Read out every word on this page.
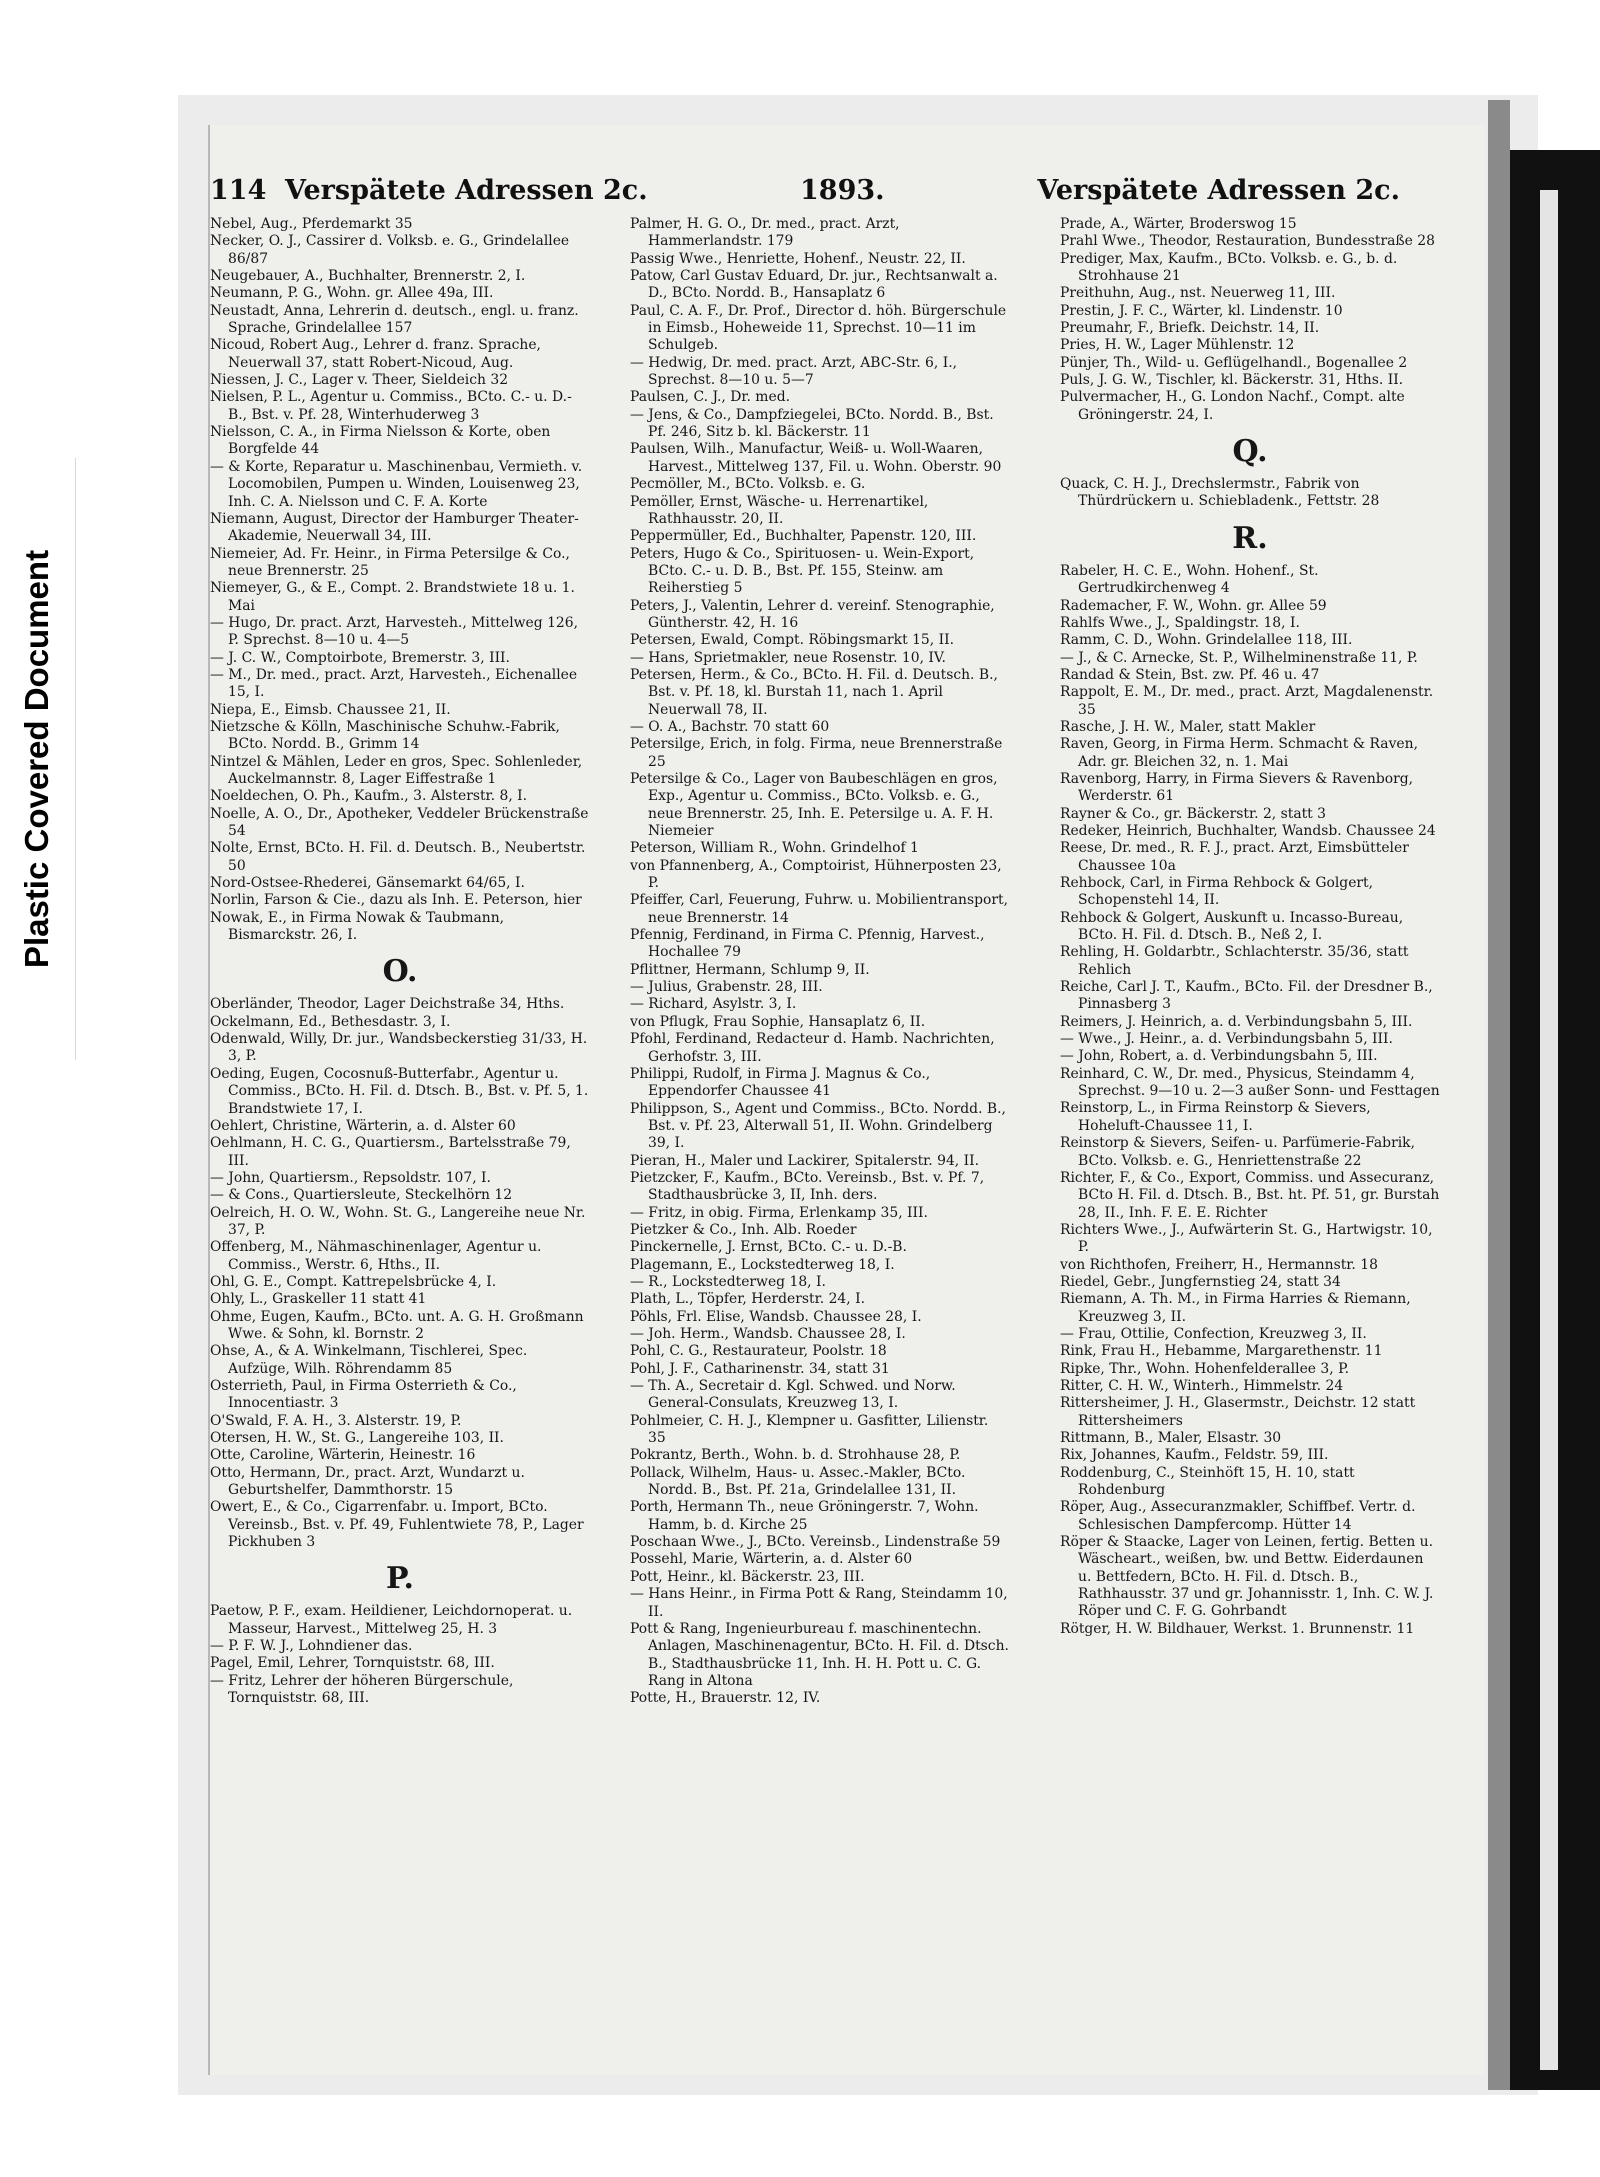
Plastic Covered Document
114 Verspätete Adressen 2c.	1893.	Verspätete Adressen 2c.

Nebel, Aug., Pferdemarkt 35

Necker, O. J., Cassirer d. Volksb. e. G., Grindelallee 86/87

Neugebauer, A., Buchhalter, Brennerstr. 2, I.

Neumann, P. G., Wohn. gr. Allee 49a, III.

Neustadt, Anna, Lehrerin d. deutsch., engl. u. franz. Sprache, Grindelallee 157

Nicoud, Robert Aug., Lehrer d. franz. Sprache, Neuerwall 37, statt Robert-Nicoud, Aug.

Niessen, J. C., Lager v. Theer, Sieldeich 32

Nielsen, P. L., Agentur u. Commiss., BCto. C.- u. D.-B., Bst. v. Pf. 28, Winterhuderweg 3

Nielsson, C. A., in Firma Nielsson & Korte, oben Borgfelde 44

— & Korte, Reparatur u. Maschinenbau, Vermieth. v. Locomobilen, Pumpen u. Winden, Louisenweg 23, Inh. C. A. Nielsson und C. F. A. Korte

Niemann, August, Director der Hamburger Theater-Akademie, Neuerwall 34, III.

Niemeier, Ad. Fr. Heinr., in Firma Petersilge & Co., neue Brennerstr. 25

Niemeyer, G., & E., Compt. 2. Brandstwiete 18 u. 1. Mai

— Hugo, Dr. pract. Arzt, Harvesteh., Mittelweg 126, P. Sprechst. 8—10 u. 4—5

— J. C. W., Comptoirbote, Bremerstr. 3, III.

— M., Dr. med., pract. Arzt, Harvesteh., Eichenallee 15, I.

Niepa, E., Eimsb. Chaussee 21, II.

Nietzsche & Kölln, Maschinische Schuhw.-Fabrik, BCto. Nordd. B., Grimm 14

Nintzel & Mählen, Leder en gros, Spec. Sohlenleder, Auckelmannstr. 8, Lager Eiffestraße 1

Noeldechen, O. Ph., Kaufm., 3. Alsterstr. 8, I.

Noelle, A. O., Dr., Apotheker, Veddeler Brückenstraße 54

Nolte, Ernst, BCto. H. Fil. d. Deutsch. B., Neubertstr. 50

Nord-Ostsee-Rhederei, Gänsemarkt 64/65, I.

Norlin, Farson & Cie., dazu als Inh. E. Peterson, hier

Nowak, E., in Firma Nowak & Taubmann, Bismarckstr. 26, I.

O.

Oberländer, Theodor, Lager Deichstraße 34, Hths.

Ockelmann, Ed., Bethesdastr. 3, I.

Odenwald, Willy, Dr. jur., Wandsbeckerstieg 31/33, H. 3, P.

Oeding, Eugen, Cocosnuß-Butterfabr., Agentur u. Commiss., BCto. H. Fil. d. Dtsch. B., Bst. v. Pf. 5, 1. Brandstwiete 17, I.

Oehlert, Christine, Wärterin, a. d. Alster 60

Oehlmann, H. C. G., Quartiersm., Bartelsstraße 79, III.

— John, Quartiersm., Repsoldstr. 107, I.

— & Cons., Quartiersleute, Steckelhörn 12

Oelreich, H. O. W., Wohn. St. G., Langereihe neue Nr. 37, P.

Offenberg, M., Nähmaschinenlager, Agentur u. Commiss., Werstr. 6, Hths., II.

Ohl, G. E., Compt. Kattrepelsbrücke 4, I.

Ohly, L., Graskeller 11 statt 41

Ohme, Eugen, Kaufm., BCto. unt. A. G. H. Großmann Wwe. & Sohn, kl. Bornstr. 2

Ohse, A., & A. Winkelmann, Tischlerei, Spec. Aufzüge, Wilh. Röhrendamm 85

Osterrieth, Paul, in Firma Osterrieth & Co., Innocentiastr. 3

O'Swald, F. A. H., 3. Alsterstr. 19, P.

Otersen, H. W., St. G., Langereihe 103, II.

Otte, Caroline, Wärterin, Heinestr. 16

Otto, Hermann, Dr., pract. Arzt, Wundarzt u. Geburtshelfer, Dammthorstr. 15

Owert, E., & Co., Cigarrenfabr. u. Import, BCto. Vereinsb., Bst. v. Pf. 49, Fuhlentwiete 78, P., Lager Pickhuben 3

P.

Paetow, P. F., exam. Heildiener, Leichdornoperat. u. Masseur, Harvest., Mittelweg 25, H. 3

— P. F. W. J., Lohndiener das.

Pagel, Emil, Lehrer, Tornquiststr. 68, III.

— Fritz, Lehrer der höheren Bürgerschule, Tornquiststr. 68, III.

Palmer, H. G. O., Dr. med., pract. Arzt, Hammerlandstr. 179

Passig Wwe., Henriette, Hohenf., Neustr. 22, II.

Patow, Carl Gustav Eduard, Dr. jur., Rechtsanwalt a. D., BCto. Nordd. B., Hansaplatz 6

Paul, C. A. F., Dr. Prof., Director d. höh. Bürgerschule in Eimsb., Hoheweide 11, Sprechst. 10—11 im Schulgeb.

— Hedwig, Dr. med. pract. Arzt, ABC-Str. 6, I., Sprechst. 8—10 u. 5—7

Paulsen, C. J., Dr. med.

— Jens, & Co., Dampfziegelei, BCto. Nordd. B., Bst. Pf. 246, Sitz b. kl. Bäckerstr. 11

Paulsen, Wilh., Manufactur, Weiß- u. Woll-Waaren, Harvest., Mittelweg 137, Fil. u. Wohn. Oberstr. 90

Pecmöller, M., BCto. Volksb. e. G.

Pemöller, Ernst, Wäsche- u. Herrenartikel, Rathhausstr. 20, II.

Peppermüller, Ed., Buchhalter, Papenstr. 120, III.

Peters, Hugo & Co., Spirituosen- u. Wein-Export, BCto. C.- u. D. B., Bst. Pf. 155, Steinw. am Reiherstieg 5

Peters, J., Valentin, Lehrer d. vereinf. Stenographie, Güntherstr. 42, H. 16

Petersen, Ewald, Compt. Röbingsmarkt 15, II.

— Hans, Sprietmakler, neue Rosenstr. 10, IV.

Petersen, Herm., & Co., BCto. H. Fil. d. Deutsch. B., Bst. v. Pf. 18, kl. Burstah 11, nach 1. April Neuerwall 78, II.

— O. A., Bachstr. 70 statt 60

Petersilge, Erich, in folg. Firma, neue Brennerstraße 25

Petersilge & Co., Lager von Baubeschlägen en gros, Exp., Agentur u. Commiss., BCto. Volksb. e. G., neue Brennerstr. 25, Inh. E. Petersilge u. A. F. H. Niemeier

Peterson, William R., Wohn. Grindelhof 1

von Pfannenberg, A., Comptoirist, Hühnerposten 23, P.

Pfeiffer, Carl, Feuerung, Fuhrw. u. Mobilientransport, neue Brennerstr. 14

Pfennig, Ferdinand, in Firma C. Pfennig, Harvest., Hochallee 79

Pflittner, Hermann, Schlump 9, II.

— Julius, Grabenstr. 28, III.

— Richard, Asylstr. 3, I.

von Pflugk, Frau Sophie, Hansaplatz 6, II.

Pfohl, Ferdinand, Redacteur d. Hamb. Nachrichten, Gerhofstr. 3, III.

Philippi, Rudolf, in Firma J. Magnus & Co., Eppendorfer Chaussee 41

Philippson, S., Agent und Commiss., BCto. Nordd. B., Bst. v. Pf. 23, Alterwall 51, II. Wohn. Grindelberg 39, I.

Pieran, H., Maler und Lackirer, Spitalerstr. 94, II.

Pietzcker, F., Kaufm., BCto. Vereinsb., Bst. v. Pf. 7, Stadthausbrücke 3, II, Inh. ders.

— Fritz, in obig. Firma, Erlenkamp 35, III.

Pietzker & Co., Inh. Alb. Roeder

Pinckernelle, J. Ernst, BCto. C.- u. D.-B.

Plagemann, E., Lockstedterweg 18, I.

— R., Lockstedterweg 18, I.

Plath, L., Töpfer, Herderstr. 24, I.

Pöhls, Frl. Elise, Wandsb. Chaussee 28, I.

— Joh. Herm., Wandsb. Chaussee 28, I.

Pohl, C. G., Restaurateur, Poolstr. 18

Pohl, J. F., Catharinenstr. 34, statt 31

— Th. A., Secretair d. Kgl. Schwed. und Norw. General-Consulats, Kreuzweg 13, I.

Pohlmeier, C. H. J., Klempner u. Gasfitter, Lilienstr. 35

Pokrantz, Berth., Wohn. b. d. Strohhause 28, P.

Pollack, Wilhelm, Haus- u. Assec.-Makler, BCto. Nordd. B., Bst. Pf. 21a, Grindelallee 131, II.

Porth, Hermann Th., neue Gröningerstr. 7, Wohn. Hamm, b. d. Kirche 25

Poschaan Wwe., J., BCto. Vereinsb., Lindenstraße 59

Possehl, Marie, Wärterin, a. d. Alster 60

Pott, Heinr., kl. Bäckerstr. 23, III.

— Hans Heinr., in Firma Pott & Rang, Steindamm 10, II.

Pott & Rang, Ingenieurbureau f. maschinentechn. Anlagen, Maschinenagentur, BCto. H. Fil. d. Dtsch. B., Stadthausbrücke 11, Inh. H. H. Pott u. C. G. Rang in Altona

Potte, H., Brauerstr. 12, IV.

Prade, A., Wärter, Broderswog 15

Prahl Wwe., Theodor, Restauration, Bundesstraße 28

Prediger, Max, Kaufm., BCto. Volksb. e. G., b. d. Strohhause 21

Preithuhn, Aug., nst. Neuerweg 11, III.

Prestin, J. F. C., Wärter, kl. Lindenstr. 10

Preumahr, F., Briefk. Deichstr. 14, II.

Pries, H. W., Lager Mühlenstr. 12

Pünjer, Th., Wild- u. Geflügelhandl., Bogenallee 2

Puls, J. G. W., Tischler, kl. Bäckerstr. 31, Hths. II.

Pulvermacher, H., G. London Nachf., Compt. alte Gröningerstr. 24, I.

Q.

Quack, C. H. J., Drechslermstr., Fabrik von Thürdrückern u. Schiebladenk., Fettstr. 28

R.

Rabeler, H. C. E., Wohn. Hohenf., St. Gertrudkirchenweg 4

Rademacher, F. W., Wohn. gr. Allee 59

Rahlfs Wwe., J., Spaldingstr. 18, I.

Ramm, C. D., Wohn. Grindelallee 118, III.

— J., & C. Arnecke, St. P., Wilhelminenstraße 11, P.

Randad & Stein, Bst. zw. Pf. 46 u. 47

Rappolt, E. M., Dr. med., pract. Arzt, Magdalenenstr. 35

Rasche, J. H. W., Maler, statt Makler

Raven, Georg, in Firma Herm. Schmacht & Raven, Adr. gr. Bleichen 32, n. 1. Mai

Ravenborg, Harry, in Firma Sievers & Ravenborg, Werderstr. 61

Rayner & Co., gr. Bäckerstr. 2, statt 3

Redeker, Heinrich, Buchhalter, Wandsb. Chaussee 24

Reese, Dr. med., R. F. J., pract. Arzt, Eimsbütteler Chaussee 10a

Rehbock, Carl, in Firma Rehbock & Golgert, Schopenstehl 14, II.

Rehbock & Golgert, Auskunft u. Incasso-Bureau, BCto. H. Fil. d. Dtsch. B., Neß 2, I.

Rehling, H. Goldarbtr., Schlachterstr. 35/36, statt Rehlich

Reiche, Carl J. T., Kaufm., BCto. Fil. der Dresdner B., Pinnasberg 3

Reimers, J. Heinrich, a. d. Verbindungsbahn 5, III.

— Wwe., J. Heinr., a. d. Verbindungsbahn 5, III.

— John, Robert, a. d. Verbindungsbahn 5, III.

Reinhard, C. W., Dr. med., Physicus, Steindamm 4, Sprechst. 9—10 u. 2—3 außer Sonn- und Festtagen

Reinstorp, L., in Firma Reinstorp & Sievers, Hoheluft-Chaussee 11, I.

Reinstorp & Sievers, Seifen- u. Parfümerie-Fabrik, BCto. Volksb. e. G., Henriettenstraße 22

Richter, F., & Co., Export, Commiss. und Assecuranz, BCto H. Fil. d. Dtsch. B., Bst. ht. Pf. 51, gr. Burstah 28, II., Inh. F. E. E. Richter

Richters Wwe., J., Aufwärterin St. G., Hartwigstr. 10, P.

von Richthofen, Freiherr, H., Hermannstr. 18

Riedel, Gebr., Jungfernstieg 24, statt 34

Riemann, A. Th. M., in Firma Harries & Riemann, Kreuzweg 3, II.

— Frau, Ottilie, Confection, Kreuzweg 3, II.

Rink, Frau H., Hebamme, Margarethenstr. 11

Ripke, Thr., Wohn. Hohenfelderallee 3, P.

Ritter, C. H. W., Winterh., Himmelstr. 24

Rittersheimer, J. H., Glasermstr., Deichstr. 12 statt Rittersheimers

Rittmann, B., Maler, Elsastr. 30

Rix, Johannes, Kaufm., Feldstr. 59, III.

Roddenburg, C., Steinhöft 15, H. 10, statt Rohdenburg

Röper, Aug., Assecuranzmakler, Schiffbef. Vertr. d. Schlesischen Dampfercomp. Hütter 14

Röper & Staacke, Lager von Leinen, fertig. Betten u. Wäscheart., weißen, bw. und Bettw. Eiderdaunen u. Bettfedern, BCto. H. Fil. d. Dtsch. B., Rathhausstr. 37 und gr. Johannisstr. 1, Inh. C. W. J. Röper und C. F. G. Gohrbandt

Rötger, H. W. Bildhauer, Werkst. 1. Brunnenstr. 11
